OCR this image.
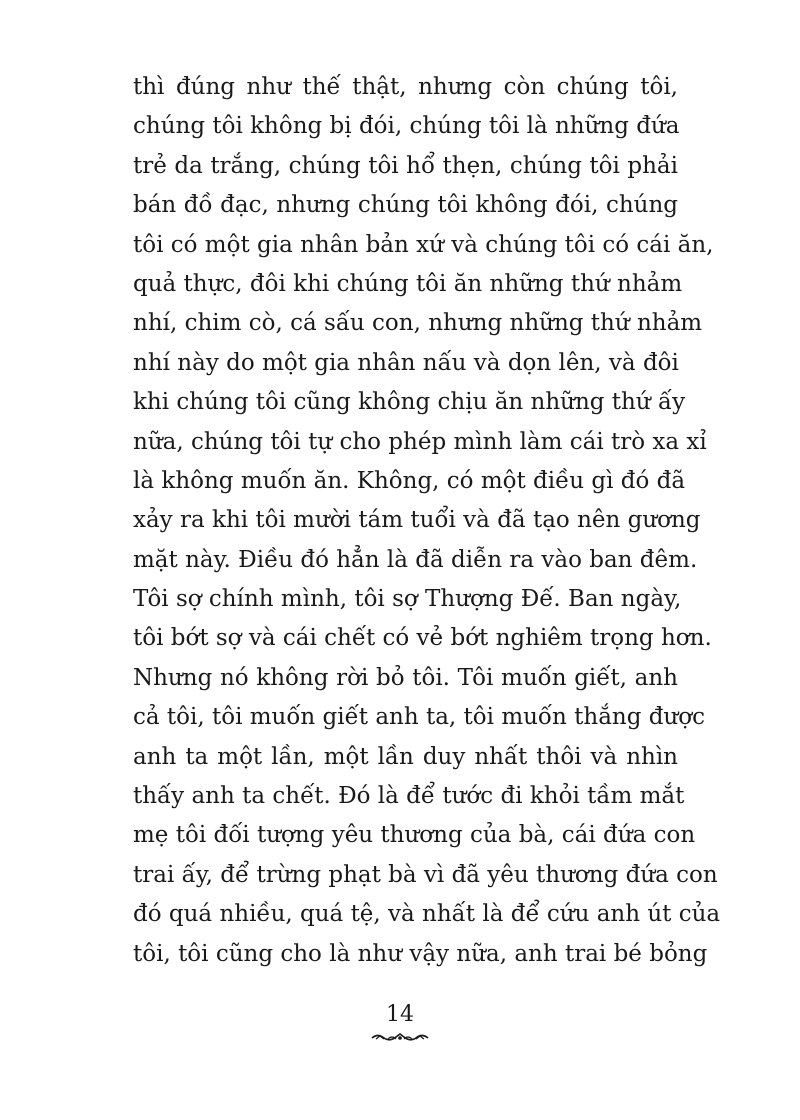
thì đúng như thế thật, nhưng còn chúng tôi,
chúng tôi không bị đói, chúng tôi là những đứa
trẻ da trắng, chúng tôi hổ thẹn, chúng tôi phải
bán đồ đạc, nhưng chúng tôi không đói, chúng
tôi có một gia nhân bản xứ và chúng tôi có cái ăn,
quả thực, đôi khi chúng tôi ăn những thứ nhảm
nhí, chim cò, cá sấu con, nhưng những thứ nhảm
nhí này do một gia nhân nấu và dọn lên, và đôi
khi chúng tôi cũng không chịu ăn những thứ ấy
nữa, chúng tôi tự cho phép mình làm cái trò xa xỉ
là không muốn ăn. Không, có một điều gì đó đã
xảy ra khi tôi mười tám tuổi và đã tạo nên gương
mặt này. Điều đó hẳn là đã diễn ra vào ban đêm.
Tôi sợ chính mình, tôi sợ Thượng Đế. Ban ngày,
tôi bớt sợ và cái chết có vẻ bớt nghiêm trọng hơn.
Nhưng nó không rời bỏ tôi. Tôi muốn giết, anh
cả tôi, tôi muốn giết anh ta, tôi muốn thắng được
anh ta một lần, một lần duy nhất thôi và nhìn
thấy anh ta chết. Đó là để tước đi khỏi tầm mắt
mẹ tôi đối tượng yêu thương của bà, cái đứa con
trai ấy, để trừng phạt bà vì đã yêu thương đứa con
đó quá nhiều, quá tệ, và nhất là để cứu anh út của
tôi, tôi cũng cho là như vậy nữa, anh trai bé bỏng
14
